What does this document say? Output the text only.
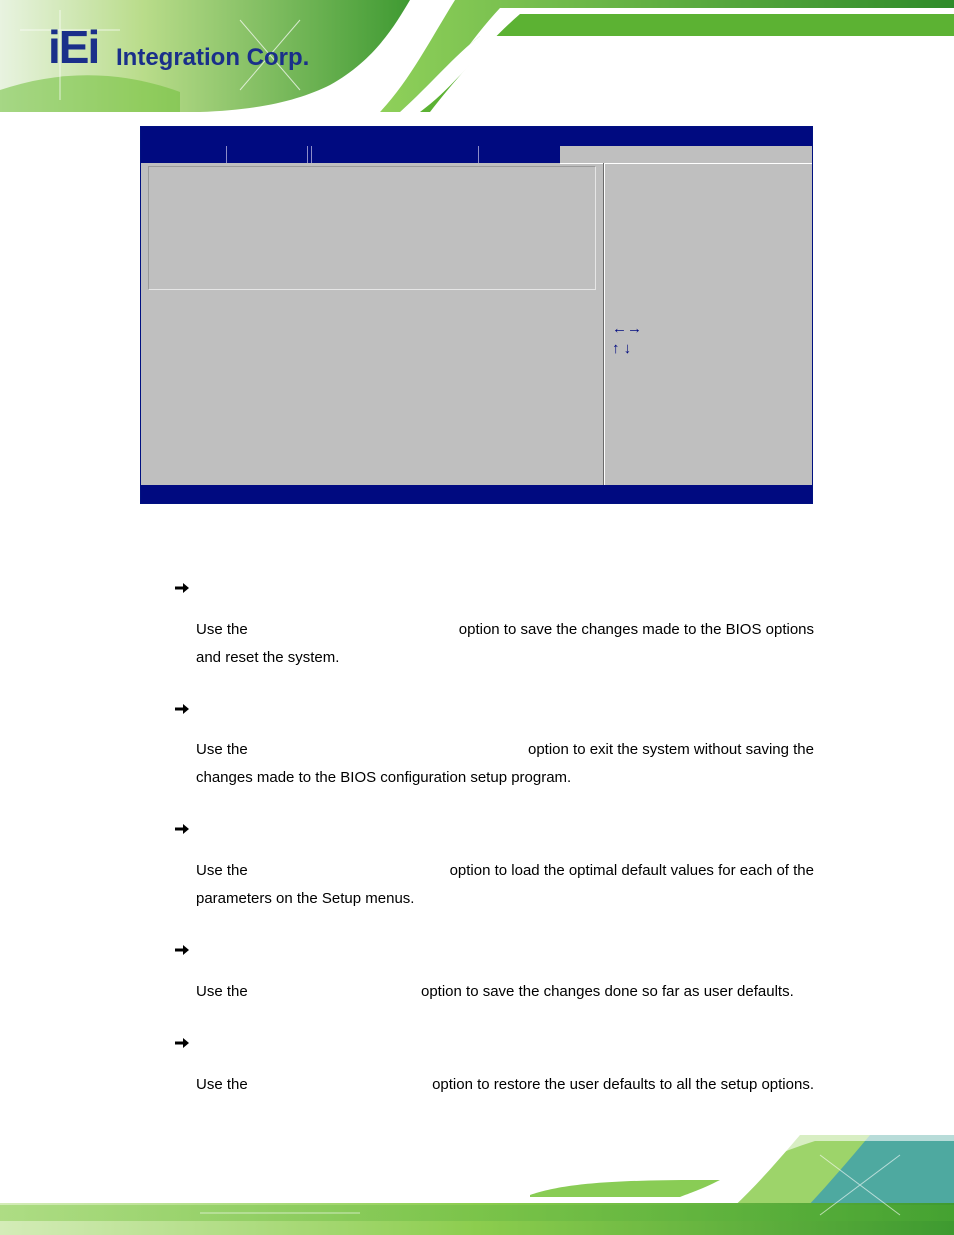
iEi Integration Corp.
←→
↑ ↓
Use the	option to save the changes made to the BIOS options
and reset the system.
Use the	option to exit the system without saving the
changes made to the BIOS configuration setup program.
Use the	option to load the optimal default values for each of the
parameters on the Setup menus.
Use the	option to save the changes done so far as user defaults.
Use the	option to restore the user defaults to all the setup options.
